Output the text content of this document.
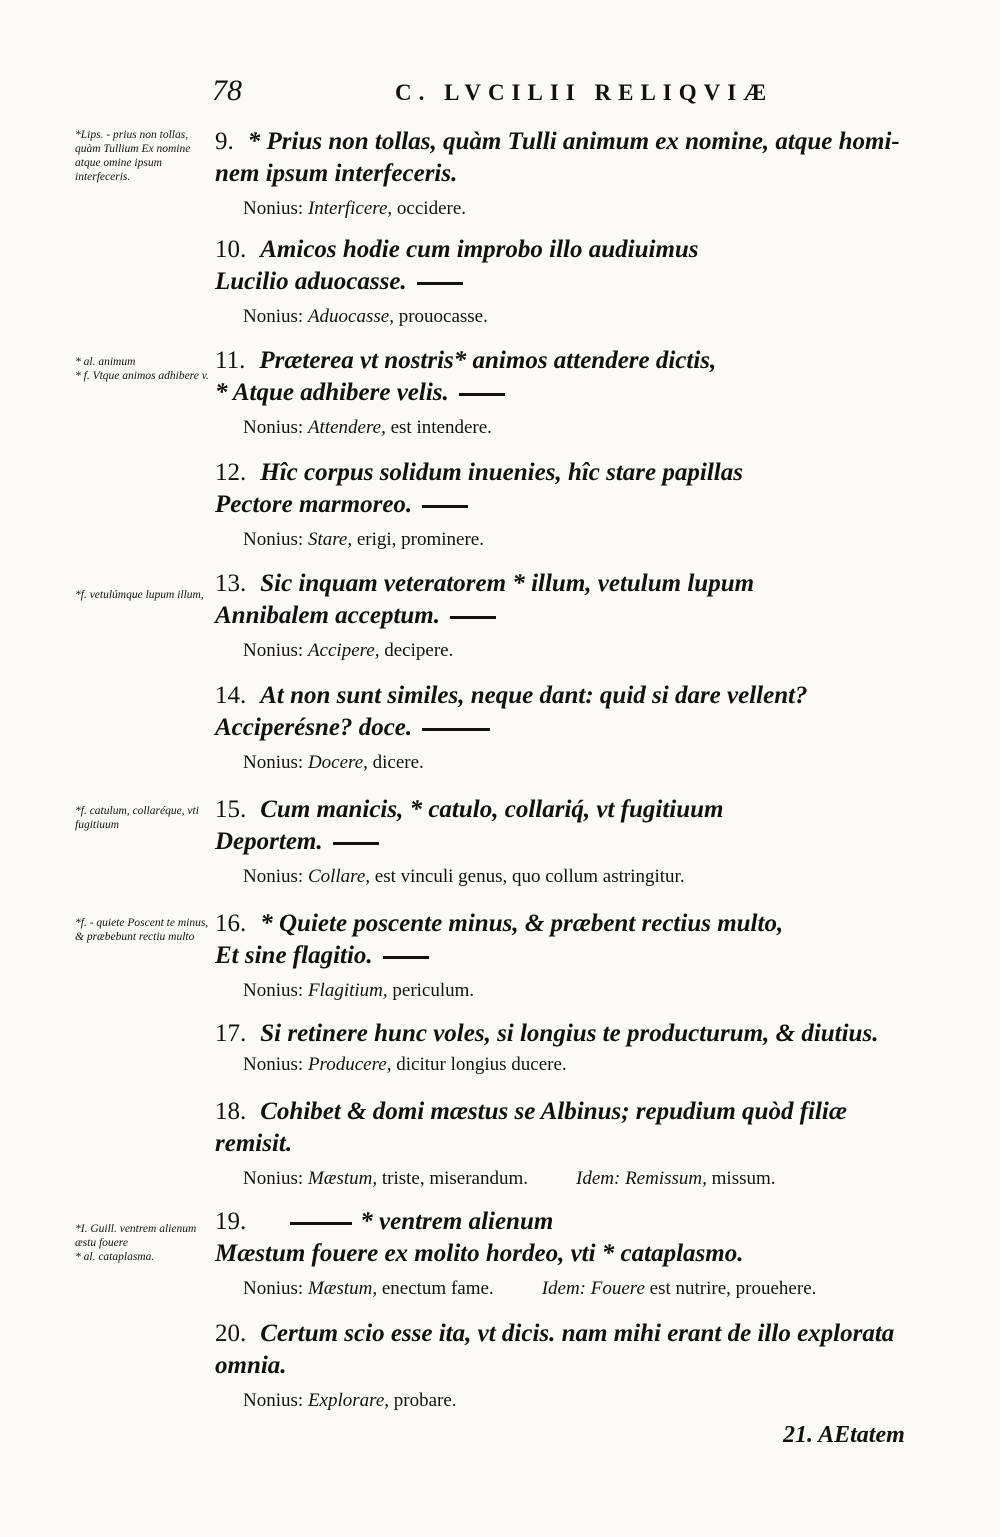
78	C. LVCILII RELIQVIÆ
*Lips. - prius non tollas, quàm Tullium Ex nomine atque omine ipsum interfeceris.
9. * Prius non tollas, quàm Tulli animum ex nomine, atque homi-
nem ipsum interfeceris.
Nonius: Interficere, occidere.
10. Amicos hodie cum improbo illo audiuimus
Lucilio aduocasse.
Nonius: Aduocasse, prouocasse.
* al. animum
* f. Vtque animos adhibere v.
11. Præterea vt nostris* animos attendere dictis,
* Atque adhibere velis.
Nonius: Attendere, est intendere.
12. Hîc corpus solidum inuenies, hîc stare papillas
Pectore marmoreo.
Nonius: Stare, erigi, prominere.
*f. vetulúmque lupum illum, 13. Sic inquam veteratorem * illum, vetulum lupum
Annibalem acceptum.
Nonius: Accipere, decipere.
14. At non sunt similes, neque dant: quid si dare vellent?
Acciperésne? doce.
Nonius: Docere, dicere.
*f. catulum, collaréque, vti fugitiuum
15. Cum manicis, * catulo, collariq́, vt fugitiuum
Deportem.
Nonius: Collare, est vinculi genus, quo collum astringitur.
*f. - quiete Poscent te minus, & præbebunt rectiu multo 16. * Quiete poscente minus, & præbent rectius multo,
Et sine flagitio.
Nonius: Flagitium, periculum.
17. Si retinere hunc voles, si longius te producturum, & diutius.
Nonius: Producere, dicitur longius ducere.
18. Cohibet & domi mæstus se Albinus; repudium quòd filiæ
remisit.
Nonius: Mæstum, triste, miserandum.	Idem: Remissum, missum.
*I. Guill. ventrem alienum æstu fouere
* al. cataplasma.
19.	* ventrem alienum
Mæstum fouere ex molito hordeo, vti * cataplasmo.
Nonius: Mæstum, enectum fame.	Idem: Fouere est nutrire, prouehere.
20. Certum scio esse ita, vt dicis. nam mihi erant de illo explorata
omnia.
Nonius: Explorare, probare.
21. AEtatem
